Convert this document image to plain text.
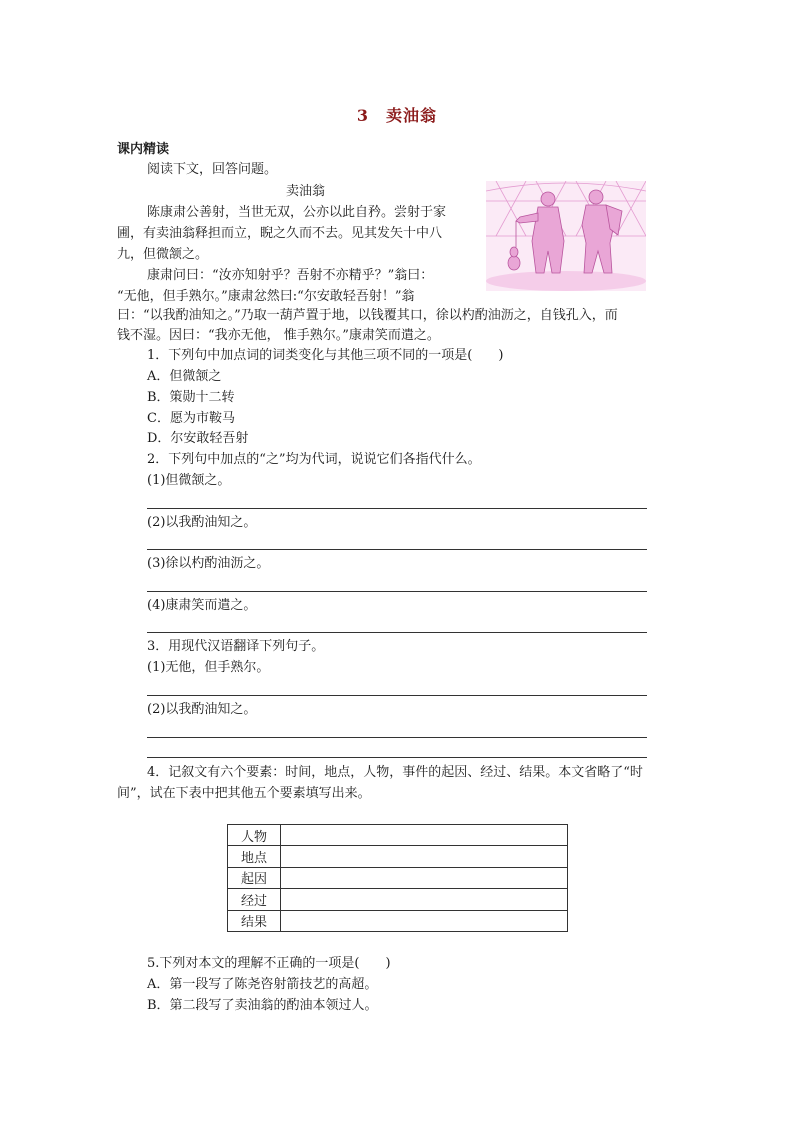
3　卖油翁
课内精读
阅读下文，回答问题。
卖油翁
陈康肃公善射，当世无双，公亦以此自矜。尝射于家
圃，有卖油翁释担而立，睨之久而不去。见其发矢十中八
九，但微颔之。
康肃问曰：“汝亦知射乎？吾射不亦精乎？”翁曰：
“无他，但手熟尔。”康肃忿然曰:“尔安敢轻吾射！”翁
曰：“以我酌油知之。”乃取一葫芦置于地，以钱覆其口，徐以杓酌油沥之，自钱孔入，而
钱不湿。因曰：“我亦无他， 惟手熟尔。”康肃笑而遣之。
1．下列句中加点词的词类变化与其他三项不同的一项是(　　)
A．但微颔之
B．策勋十二转
C．愿为市鞍马
D．尔安敢轻吾射
2．下列句中加点的“之”均为代词，说说它们各指代什么。
(1)但微颔之。
(2)以我酌油知之。
(3)徐以杓酌油沥之。
(4)康肃笑而遣之。
3．用现代汉语翻译下列句子。
(1)无他，但手熟尔。
(2)以我酌油知之。
4．记叙文有六个要素：时间，地点，人物，事件的起因、经过、结果。本文省略了“时
间”，试在下表中把其他五个要素填写出来。
人物	
地点	
起因	
经过	
结果	
5.下列对本文的理解不正确的一项是(　　)
A．第一段写了陈尧咨射箭技艺的高超。
B．第二段写了卖油翁的酌油本领过人。
